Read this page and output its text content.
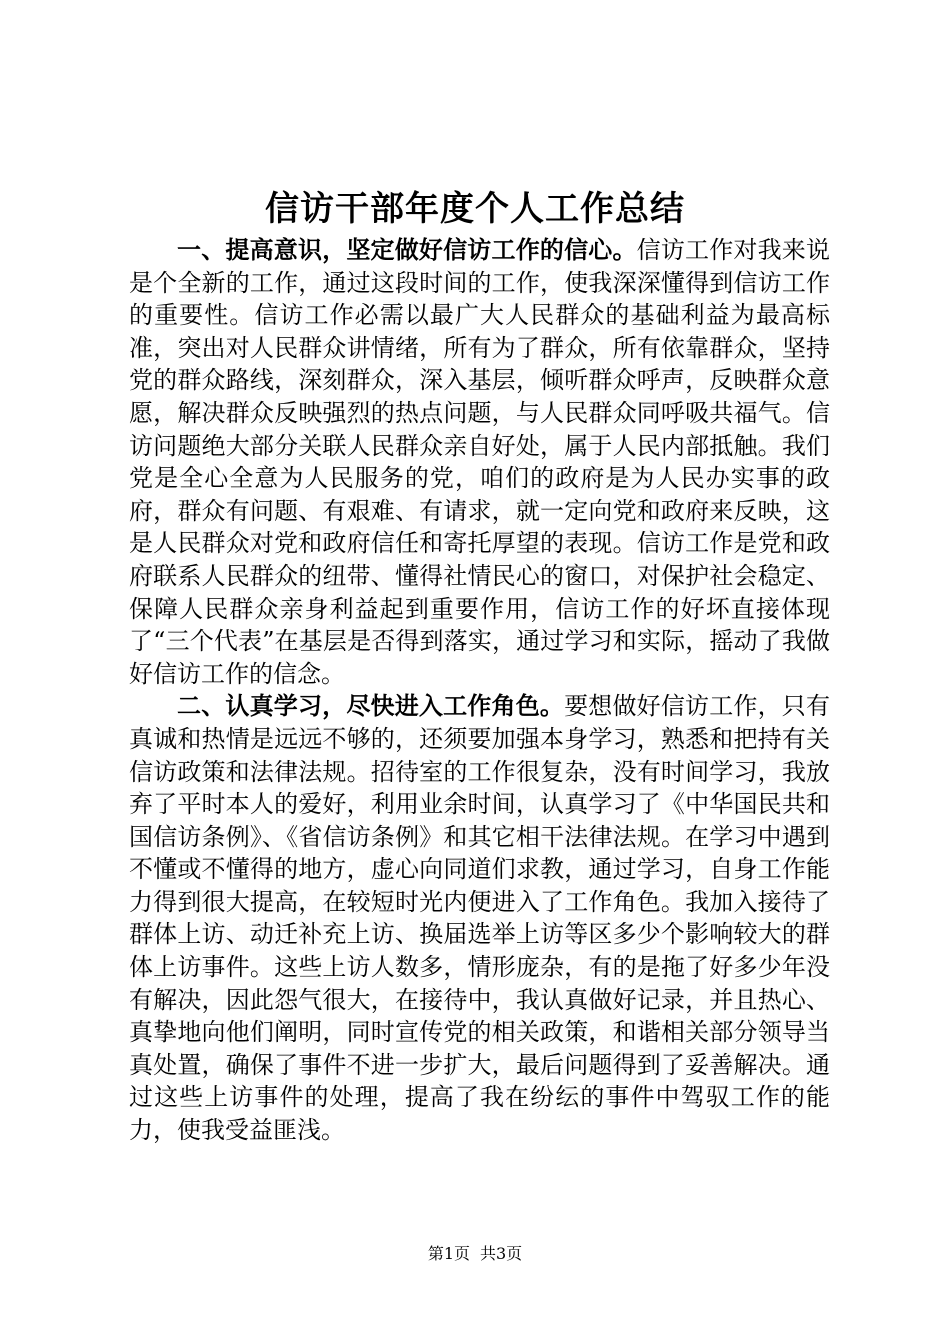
信访干部年度个人工作总结

一、提高意识，坚定做好信访工作的信心。信访工作对我来说是个全新的工作，通过这段时间的工作，使我深深懂得到信访工作的重要性。信访工作必需以最广大人民群众的基础利益为最高标准，突出对人民群众讲情绪，所有为了群众，所有依靠群众，坚持党的群众路线，深刻群众，深入基层，倾听群众呼声，反映群众意愿，解决群众反映强烈的热点问题，与人民群众同呼吸共福气。信访问题绝大部分关联人民群众亲自好处，属于人民内部抵触。我们党是全心全意为人民服务的党，咱们的政府是为人民办实事的政府，群众有问题、有艰难、有请求，就一定向党和政府来反映，这是人民群众对党和政府信任和寄托厚望的表现。信访工作是党和政府联系人民群众的纽带、懂得社情民心的窗口，对保护社会稳定、保障人民群众亲身利益起到重要作用，信访工作的好坏直接体现了“三个代表”在基层是否得到落实，通过学习和实际，摇动了我做好信访工作的信念。

二、认真学习，尽快进入工作角色。要想做好信访工作，只有真诚和热情是远远不够的，还须要加强本身学习，熟悉和把持有关信访政策和法律法规。招待室的工作很复杂，没有时间学习，我放弃了平时本人的爱好，利用业余时间，认真学习了《中华国民共和国信访条例》、《省信访条例》和其它相干法律法规。在学习中遇到不懂或不懂得的地方，虚心向同道们求教，通过学习，自身工作能力得到很大提高，在较短时光内便进入了工作角色。我加入接待了群体上访、动迁补充上访、换届选举上访等区多少个影响较大的群体上访事件。这些上访人数多，情形庞杂，有的是拖了好多少年没有解决，因此怨气很大，在接待中，我认真做好记录，并且热心、真挚地向他们阐明，同时宣传党的相关政策，和谐相关部分领导当真处置，确保了事件不进一步扩大，最后问题得到了妥善解决。通过这些上访事件的处理，提高了我在纷纭的事件中驾驭工作的能力，使我受益匪浅。

第1页 共3页
